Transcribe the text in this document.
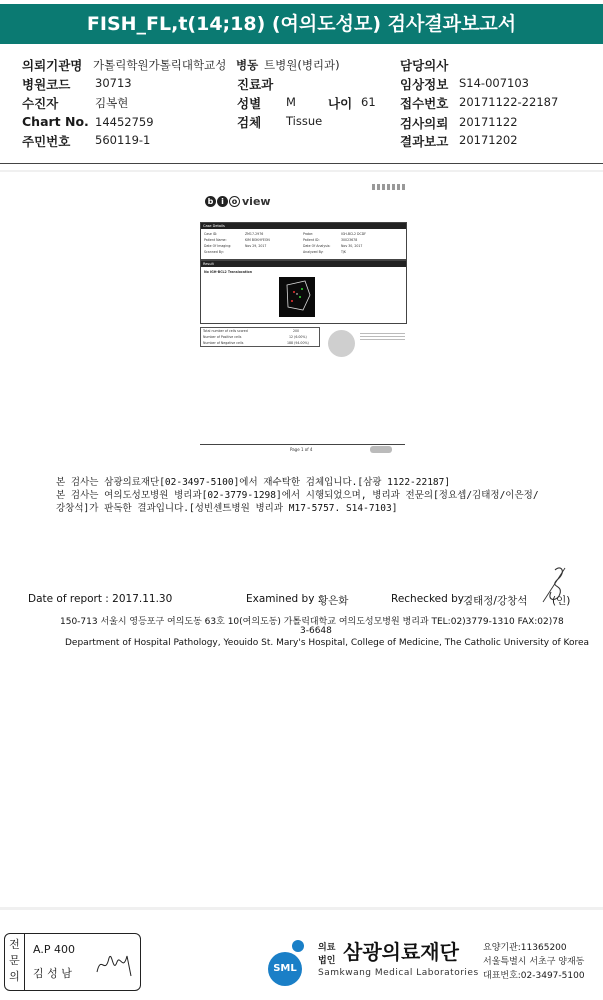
FISH_FL,t(14;18) (여의도성모) 검사결과보고서
의뢰기관명 가톨릭학원가톨릭대학교성 병동 트병원(병리과)	담당의사
병원코드 30713	진료과	임상정보 S14-007103
수진자	김복현	성별 M	나이 61 접수번호 20171122-22187
Chart No. 14452759	검체 Tissue	검사의뢰 20171122
주민번호 560119-1	결과보고 20171202
b i o view
Case Details
Case ID:	ZM17-2976	Probe:	IGH-BCL2 DCDF
Patient Name:	KIM BOKHYEON	Patient ID:	30023678
Date Of Imaging:	Nov 29, 2017	Date Of Analysis:	Nov 30, 2017
Scanned By:	Analyzed By:	TJK
Result
No IGH-BCL2 Translocation
Total number of cells scored	200
Number of Positive cells	12 (6.00%)
Number of Negative cells	188 (94.00%)
Page 1 of 4
본 검사는 삼광의료재단[02-3497-5100]에서 재수탁한 검체입니다.[삼광 1122-22187]
본 검사는 여의도성모병원 병리과[02-3779-1298]에서 시행되었으며, 병리과 전문의[정요셉/김태정/이은정/
강창석]가 판독한 결과입니다.[성빈센트병원 병리과 M17-5757. S14-7103]
Date of report : 2017.11.30	Examined by :
황은화	Rechecked by :
김태정/강창석 (인)
150-713 서울시 영등포구 여의도동 63호 10(여의도동) 가톨릭대학교 여의도성모병원 병리과 TEL:02)3779-1310 FAX:02)78
3-6648
Department of Hospital Pathology, Yeouido St. Mary's Hospital, College of Medicine, The Catholic University of Korea
전
문
의
A.P 400
김 성 남	SML
의료
법인 삼광의료재단
Samkwang Medical Laboratories
요양기관:11365200
서울특별시 서초구 양재동
대표번호:02-3497-5100
